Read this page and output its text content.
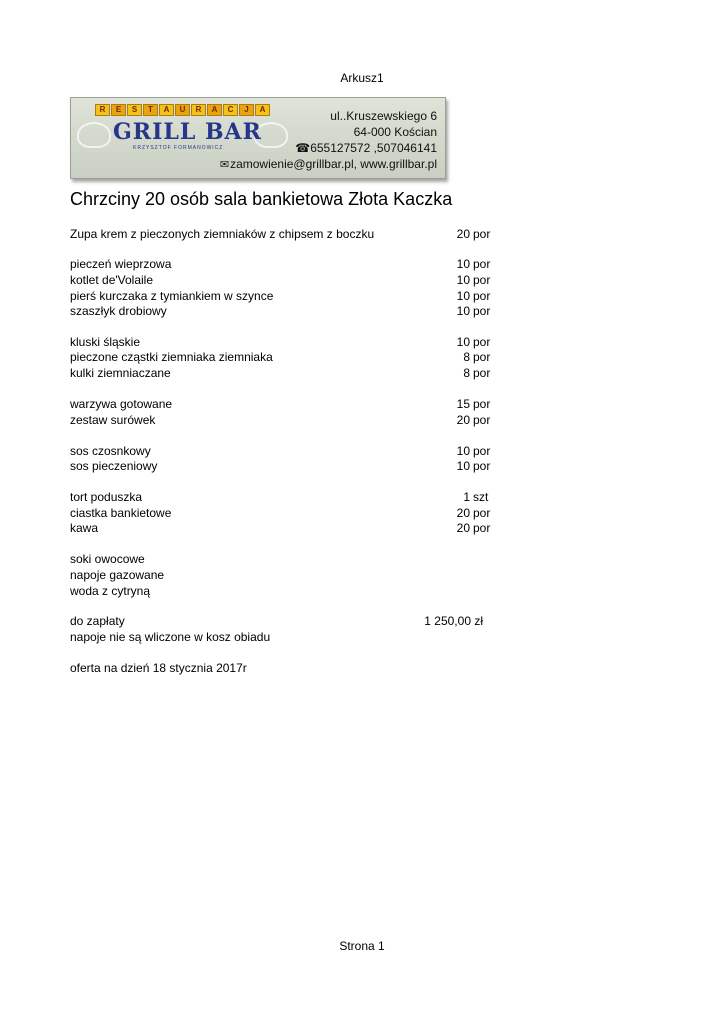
Arkusz1
R	E	S	T	A	U	R	A	C	J	A
GRILL BAR
KRZYSZTOF FORMANOWICZ
ul..Kruszewskiego 6
64-000 Kościan
☎655127572 ,507046141
✉zamowienie@grillbar.pl, www.grillbar.pl
Chrzciny 20 osób sala bankietowa Złota Kaczka
Zupa krem z pieczonych ziemniaków z chipsem z boczku	20 por
pieczeń wieprzowa	10 por
kotlet de'Volaile	10 por
pierś kurczaka z tymiankiem w szynce	10 por
szaszłyk drobiowy	10 por
kluski śląskie	10 por
pieczone cząstki ziemniaka ziemniaka	8 por
kulki ziemniaczane	8 por
warzywa gotowane	15 por
zestaw surówek	20 por
sos czosnkowy	10 por
sos pieczeniowy	10 por
tort poduszka	1 szt
ciastka bankietowe	20 por
kawa	20 por
soki owocowe
napoje gazowane
woda z cytryną
do zapłaty	1 250,00 zł
napoje nie są wliczone w kosz obiadu
oferta na dzień 18 stycznia 2017r
Strona 1
